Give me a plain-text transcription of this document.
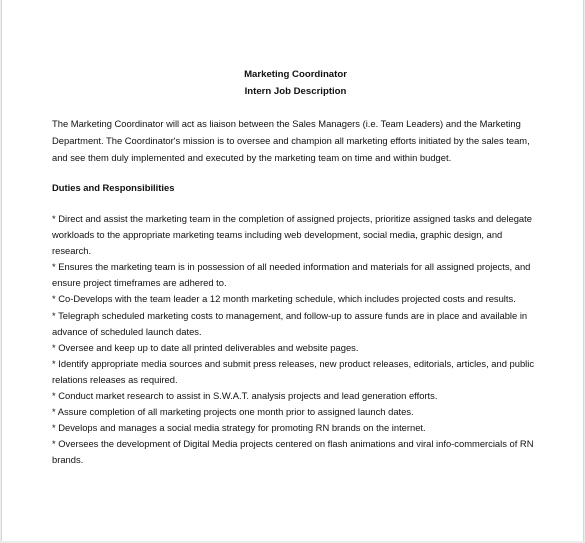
Marketing Coordinator
Intern Job Description

The Marketing Coordinator will act as liaison between the Sales Managers (i.e. Team Leaders) and the Marketing
Department. The Coordinator's mission is to oversee and champion all marketing efforts initiated by the sales team,
and see them duly implemented and executed by the marketing team on time and within budget.

Duties and Responsibilities
* Direct and assist the marketing team in the completion of assigned projects, prioritize assigned tasks and delegate
workloads to the appropriate marketing teams including web development, social media, graphic design, and
research.
* Ensures the marketing team is in possession of all needed information and materials for all assigned projects, and
ensure project timeframes are adhered to.
* Co-Develops with the team leader a 12 month marketing schedule, which includes projected costs and results.
* Telegraph scheduled marketing costs to management, and follow-up to assure funds are in place and available in
advance of scheduled launch dates.
* Oversee and keep up to date all printed deliverables and website pages.
* Identify appropriate media sources and submit press releases, new product releases, editorials, articles, and public
relations releases as required.
* Conduct market research to assist in S.W.A.T. analysis projects and lead generation efforts.
* Assure completion of all marketing projects one month prior to assigned launch dates.
* Develops and manages a social media strategy for promoting RN brands on the internet.
* Oversees the development of Digital Media projects centered on flash animations and viral info-commercials of RN
brands.
